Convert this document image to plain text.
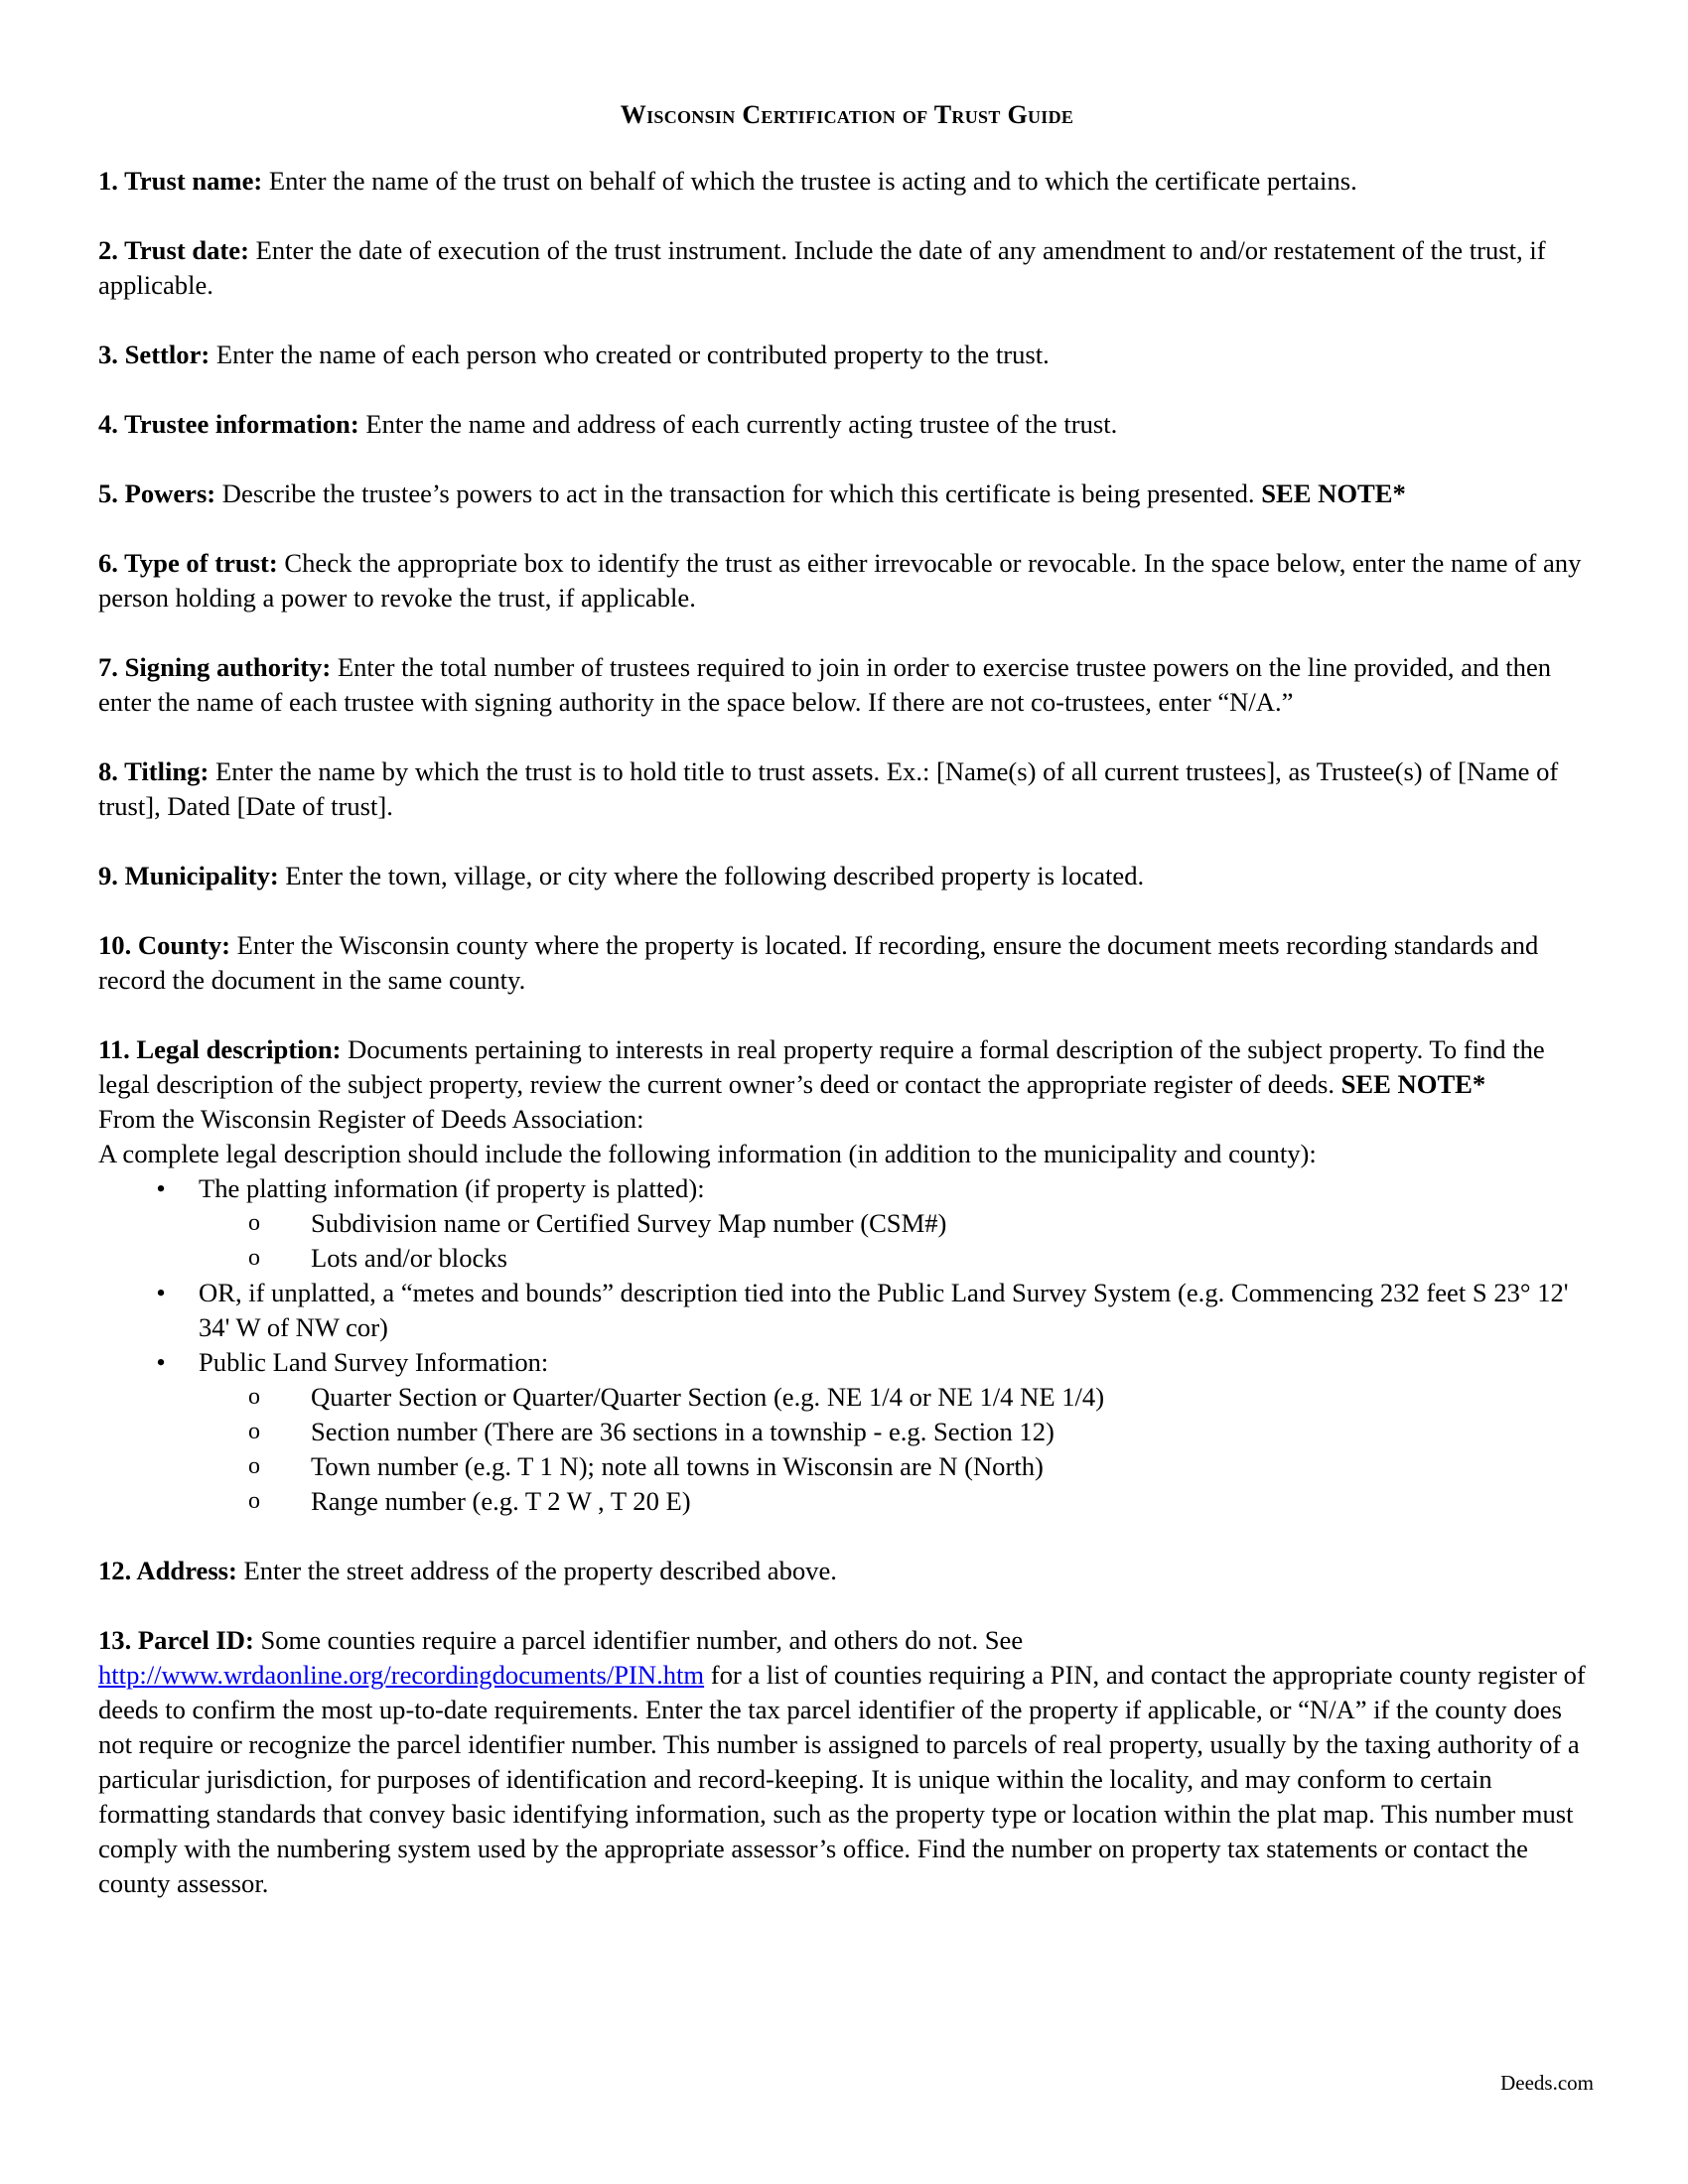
Wisconsin Certification of Trust Guide
1. Trust name: Enter the name of the trust on behalf of which the trustee is acting and to which the certificate pertains.
2. Trust date: Enter the date of execution of the trust instrument. Include the date of any amendment to and/or restatement of the trust, if applicable.
3. Settlor: Enter the name of each person who created or contributed property to the trust.
4. Trustee information: Enter the name and address of each currently acting trustee of the trust.
5. Powers: Describe the trustee’s powers to act in the transaction for which this certificate is being presented. SEE NOTE*
6. Type of trust: Check the appropriate box to identify the trust as either irrevocable or revocable. In the space below, enter the name of any person holding a power to revoke the trust, if applicable.
7. Signing authority: Enter the total number of trustees required to join in order to exercise trustee powers on the line provided, and then enter the name of each trustee with signing authority in the space below. If there are not co-trustees, enter “N/A.”
8. Titling: Enter the name by which the trust is to hold title to trust assets. Ex.: [Name(s) of all current trustees], as Trustee(s) of [Name of trust], Dated [Date of trust].
9. Municipality: Enter the town, village, or city where the following described property is located.
10. County: Enter the Wisconsin county where the property is located. If recording, ensure the document meets recording standards and record the document in the same county.
11. Legal description: Documents pertaining to interests in real property require a formal description of the subject property. To find the legal description of the subject property, review the current owner’s deed or contact the appropriate register of deeds. SEE NOTE*
From the Wisconsin Register of Deeds Association:
A complete legal description should include the following information (in addition to the municipality and county):
• The platting information (if property is platted):
o Subdivision name or Certified Survey Map number (CSM#)
o Lots and/or blocks
• OR, if unplatted, a “metes and bounds” description tied into the Public Land Survey System (e.g. Commencing 232 feet S 23° 12' 34' W of NW cor)
• Public Land Survey Information:
o Quarter Section or Quarter/Quarter Section (e.g. NE 1/4 or NE 1/4 NE 1/4)
o Section number (There are 36 sections in a township - e.g. Section 12)
o Town number (e.g. T 1 N); note all towns in Wisconsin are N (North)
o Range number (e.g. T 2 W , T 20 E)
12. Address: Enter the street address of the property described above.
13. Parcel ID: Some counties require a parcel identifier number, and others do not. See http://www.wrdaonline.org/recordingdocuments/PIN.htm for a list of counties requiring a PIN, and contact the appropriate county register of deeds to confirm the most up-to-date requirements. Enter the tax parcel identifier of the property if applicable, or “N/A” if the county does not require or recognize the parcel identifier number. This number is assigned to parcels of real property, usually by the taxing authority of a particular jurisdiction, for purposes of identification and record-keeping. It is unique within the locality, and may conform to certain formatting standards that convey basic identifying information, such as the property type or location within the plat map. This number must comply with the numbering system used by the appropriate assessor’s office. Find the number on property tax statements or contact the county assessor.
Deeds.com
